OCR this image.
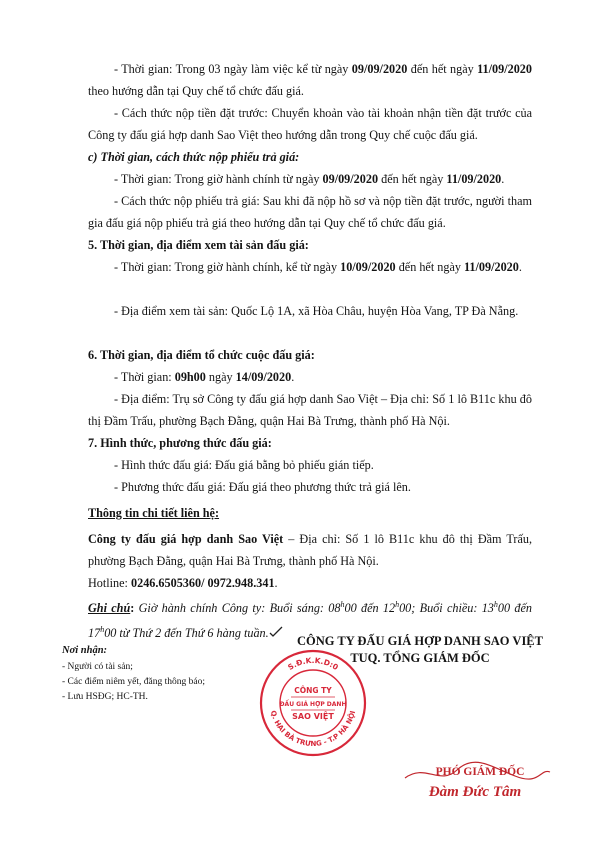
- Thời gian: Trong 03 ngày làm việc kể từ ngày 09/09/2020 đến hết ngày 11/09/2020 theo hướng dẫn tại Quy chế tổ chức đấu giá.

- Cách thức nộp tiền đặt trước: Chuyển khoản vào tài khoản nhận tiền đặt trước của Công ty đấu giá hợp danh Sao Việt theo hướng dẫn trong Quy chế cuộc đấu giá.

c) Thời gian, cách thức nộp phiếu trả giá:

- Thời gian: Trong giờ hành chính từ ngày 09/09/2020 đến hết ngày 11/09/2020.

- Cách thức nộp phiếu trả giá: Sau khi đã nộp hồ sơ và nộp tiền đặt trước, người tham gia đấu giá nộp phiếu trả giá theo hướng dẫn tại Quy chế tổ chức đấu giá.

5. Thời gian, địa điểm xem tài sản đấu giá:

- Thời gian: Trong giờ hành chính, kể từ ngày 10/09/2020 đến hết ngày 11/09/2020.

- Địa điểm xem tài sản: Quốc Lộ 1A, xã Hòa Châu, huyện Hòa Vang, TP Đà Nẵng.

6. Thời gian, địa điểm tổ chức cuộc đấu giá:

- Thời gian: 09h00 ngày 14/09/2020.

- Địa điểm: Trụ sở Công ty đấu giá hợp danh Sao Việt – Địa chỉ: Số 1 lô B11c khu đô thị Đầm Trấu, phường Bạch Đằng, quận Hai Bà Trưng, thành phố Hà Nội.

7. Hình thức, phương thức đấu giá:

- Hình thức đấu giá: Đấu giá bằng bỏ phiếu gián tiếp.

- Phương thức đấu giá: Đấu giá theo phương thức trả giá lên.

Thông tin chi tiết liên hệ:

Công ty đấu giá hợp danh Sao Việt – Địa chỉ: Số 1 lô B11c khu đô thị Đầm Trấu, phường Bạch Đằng, quận Hai Bà Trưng, thành phố Hà Nội.

Hotline: 0246.6505360/ 0972.948.341.

Ghi chú: Giờ hành chính Công ty: Buổi sáng: 08$^h$00 đến 12$^h$00; Buổi chiều: 13$^h$00 đến 17$^h$00 từ Thứ 2 đến Thứ 6 hàng tuần.

Nơi nhận:
- Người có tài sản;
- Các điểm niêm yết, đăng thông báo;
- Lưu HSĐG; HC-TH.
CÔNG TY ĐẤU GIÁ HỢP DANH SAO VIỆT
TUQ. TỔNG GIÁM ĐỐC
S.Đ.K.K.D:0
Q. HAI BÀ TRƯNG - T.P HÀ NỘI
CÔNG TY
ĐẤU GIÁ HỢP DANH
SAO VIỆT
PHÓ GIÁM ĐỐC
Đàm Đức Tâm
